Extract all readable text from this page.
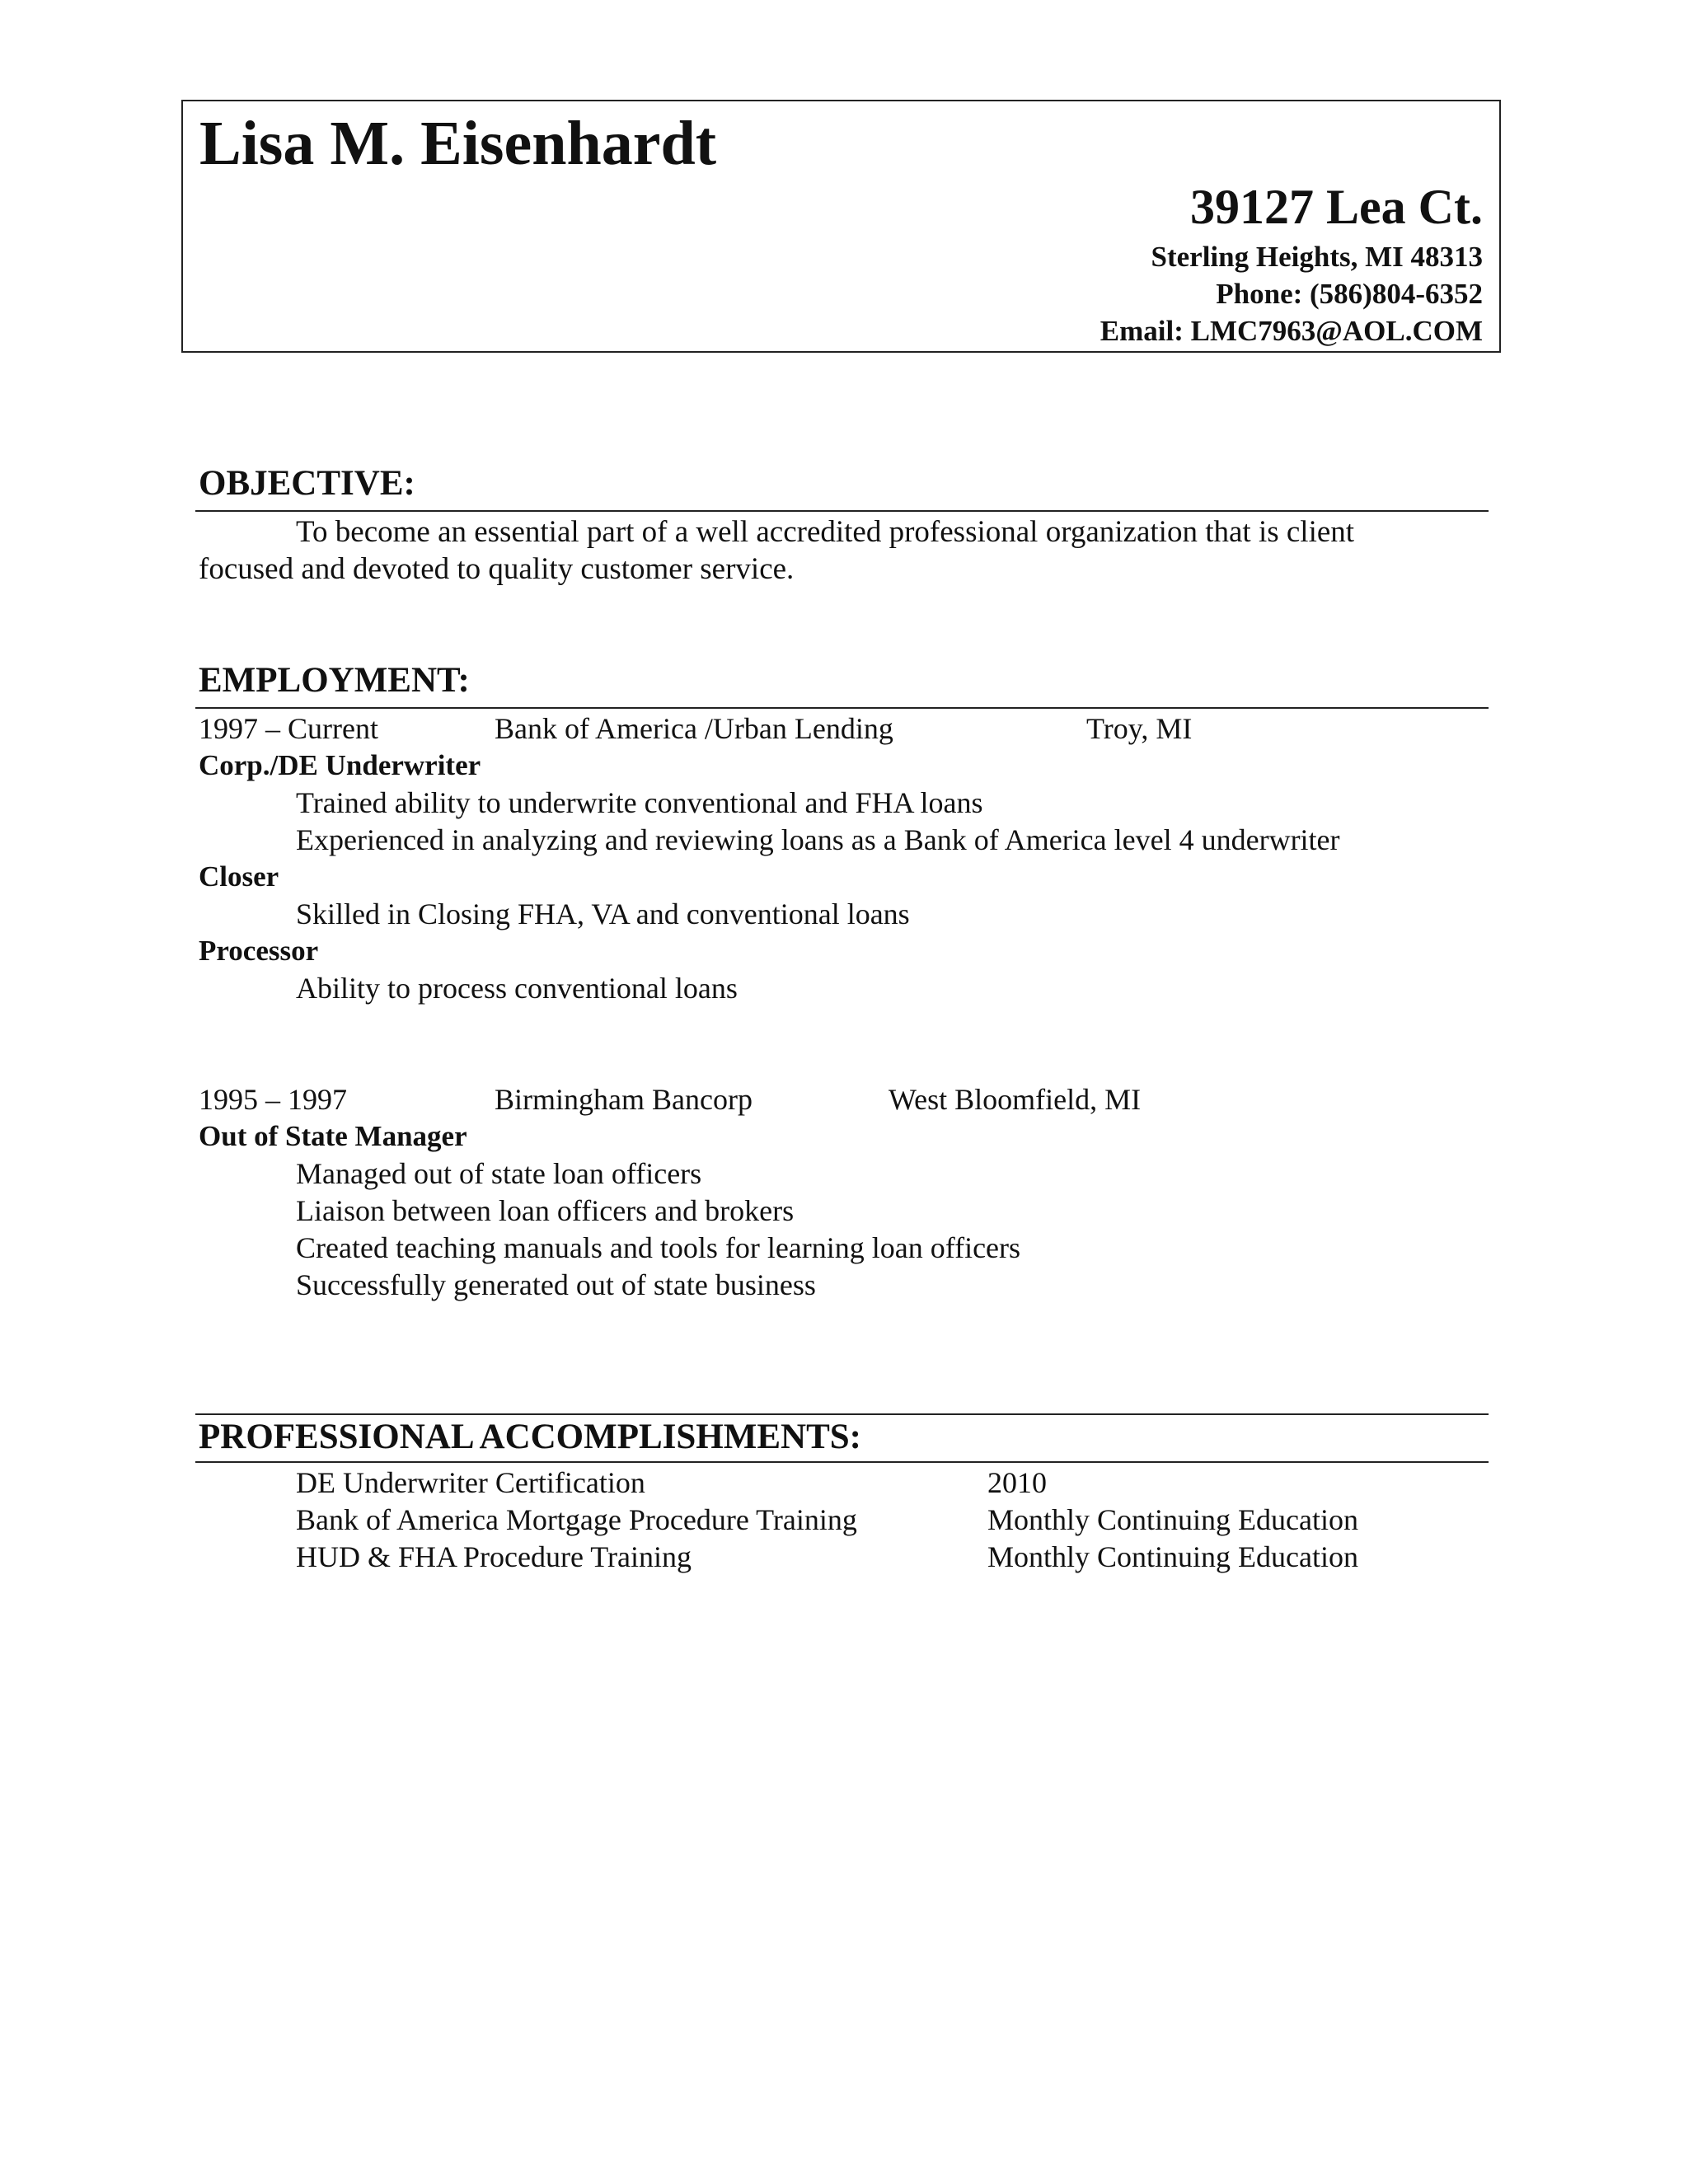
Lisa M. Eisenhardt
39127 Lea Ct.
Sterling Heights, MI 48313
Phone: (586)804-6352
Email: LMC7963@AOL.COM
OBJECTIVE:
To become an essential part of a well accredited professional organization that is client
focused and devoted to quality customer service.
EMPLOYMENT:
1997 – Current	Bank of America /Urban Lending	Troy, MI
Corp./DE Underwriter
Trained ability to underwrite conventional and FHA loans
Experienced in analyzing and reviewing loans as a Bank of America level 4 underwriter
Closer
Skilled in Closing FHA, VA and conventional loans
Processor
Ability to process conventional loans
1995 – 1997	Birmingham Bancorp	West Bloomfield, MI
Out of State Manager
Managed out of state loan officers
Liaison between loan officers and brokers
Created teaching manuals and tools for learning loan officers
Successfully generated out of state business
PROFESSIONAL ACCOMPLISHMENTS:
DE Underwriter Certification	2010
Bank of America Mortgage Procedure Training	Monthly Continuing Education
HUD & FHA Procedure Training	Monthly Continuing Education
